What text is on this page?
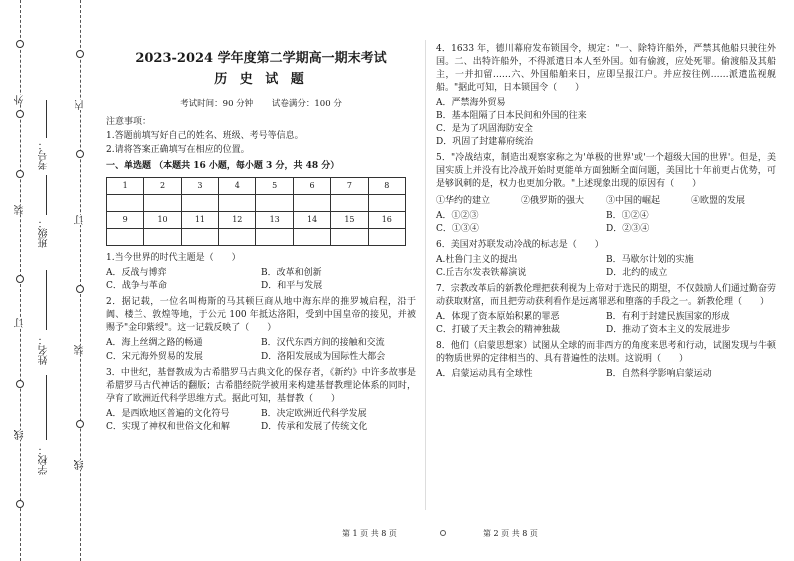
外
装
订
线
内
订
装
线
学校：
姓名：
班级：
考号：
2023-2024 学年度第二学期高一期末考试
历 史 试 题
考试时间：90 分钟 试卷满分：100 分
注意事项：
1.答题前填写好自己的姓名、班级、考号等信息。
2.请将答案正确填写在相应的位置。
一、单选题 （本题共 16 小题，每小题 3 分，共 48 分）
1	2	3	4	5	6	7	8

9	10	11	12	13	14	15	16

1.当今世界的时代主题是（　　）
A．反战与博弈	B．改革和创新
C．战争与革命	D．和平与发展
2．据记载，一位名叫梅斯的马其顿巨商从地中海东岸的推罗城启程，沿于阗、楼兰、敦煌等地，于公元 100 年抵达洛阳，受到中国皇帝的接见，并被赐予"金印紫绶"。这一记载反映了（　　）
A．海上丝绸之路的畅通	B．汉代东西方间的接触和交流
C．宋元海外贸易的发展	D．洛阳发展成为国际性大都会
3．中世纪，基督教成为古希腊罗马古典文化的保存者，《新约》中许多故事是希腊罗马古代神话的翻版；古希腊经院学被用来构建基督教理论体系的同时，孕育了欧洲近代科学思维方式。据此可知，基督教（　　）
A．是西欧地区普遍的文化符号	B．决定欧洲近代科学发展
C．实现了神权和世俗文化和解	D．传承和发展了传统文化
4．1633 年，德川幕府发布锁国令，规定："一、除特许船外，严禁其他船只驶往外国。二、出特许船外，不得派遣日本人至外国。如有偷渡，应处死罪。偷渡船及其船主，一并扣留……六、外国船舶来日，应即呈报江户。并应按往例……派遣监视舰船。"据此可知，日本锁国令（　　）
A．严禁海外贸易
B．基本阻隔了日本民间和外国的往来
C．是为了巩固海防安全
D．巩固了封建幕府统治
5．"冷战结束，制造出观察家称之为'单极的世界'或'一个超级大国的世界'。但是，美国实质上并没有比冷战开始时更能单方面独断全面问题，美国比十年前更占优势，可是够讽刺的是，权力也更加分散。"上述现象出现的原因有（　　）
①华约的建立	②俄罗斯的强大	③中国的崛起	④欧盟的发展
A．①②③	B．①②④
C．①③④	D．②③④
6．美国对苏联发动冷战的标志是（　　）
A.杜鲁门主义的提出	B．马歇尔计划的实施
C.丘吉尔发表铁幕演说	D．北约的成立
7．宗教改革后的新教伦理把获利视为上帝对于选民的期望，不仅鼓励人们通过勤奋劳动获取财富，而且把劳动获利看作是远离罪恶和堕落的手段之一。新教伦理（　　）
A．体现了资本原始积累的罪恶	B．有利于封建民族国家的形成
C．打破了天主教会的精神独裁	D．推动了资本主义的发展进步
8．他们（启蒙思想家）试图从全球的而非西方的角度来思考和行动，试图发现与牛顿的物质世界的定律相当的、具有普遍性的法则。这说明（　　）
A．启蒙运动具有全球性	B．自然科学影响启蒙运动
第 1 页 共 8 页	第 2 页 共 8 页
